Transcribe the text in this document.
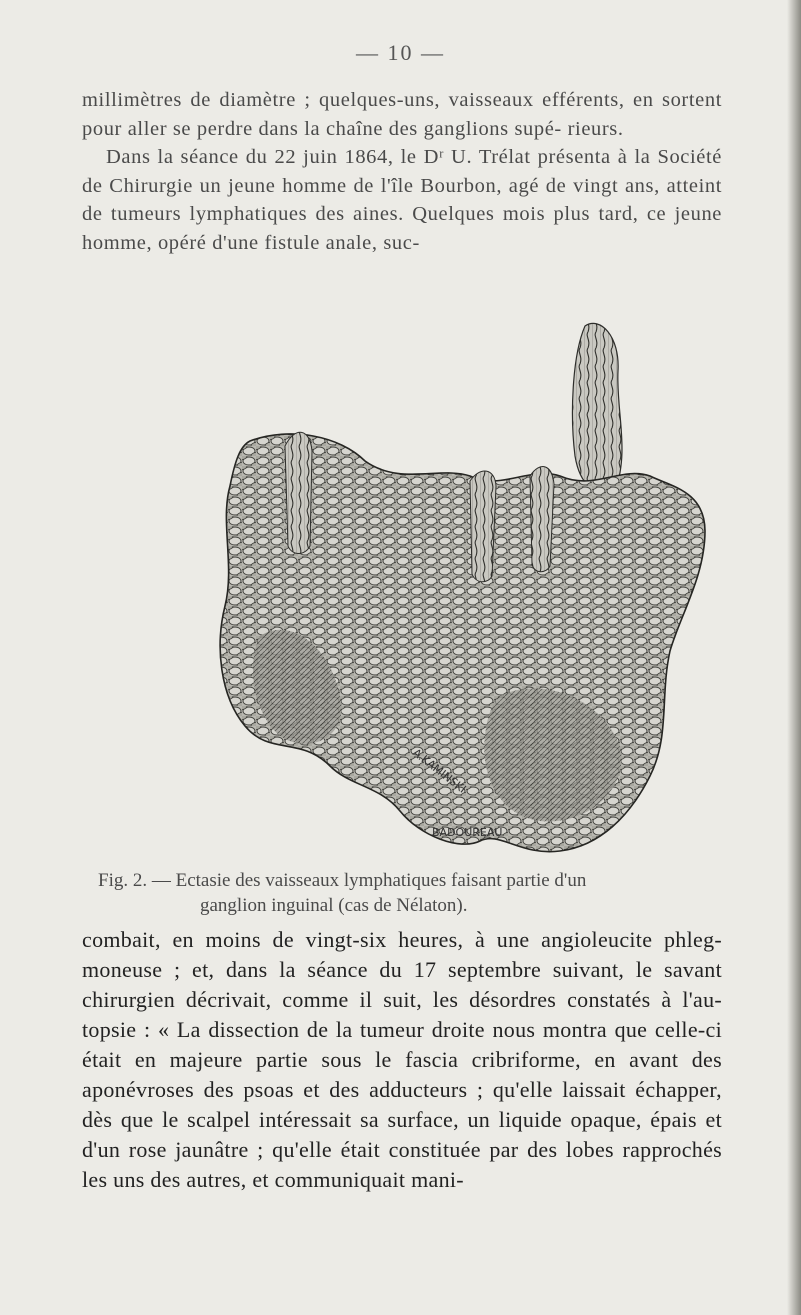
— 10 —
millimètres de diamètre ; quelques-uns, vaisseaux efférents, en sortent pour aller se perdre dans la chaîne des ganglions supé- rieurs.
Dans la séance du 22 juin 1864, le Dʳ U. Trélat présenta à la Société de Chirurgie un jeune homme de l'île Bourbon, agé de vingt ans, atteint de tumeurs lymphatiques des aines. Quelques mois plus tard, ce jeune homme, opéré d'une fistule anale, suc-
A.KAMINSKI
BADOUREAU
Fig. 2. — Ectasie des vaisseaux lymphatiques faisant partie d'un
ganglion inguinal (cas de Nélaton).
combait, en moins de vingt-six heures, à une angioleucite phleg- moneuse ; et, dans la séance du 17 septembre suivant, le savant chirurgien décrivait, comme il suit, les désordres constatés à l'au- topsie : « La dissection de la tumeur droite nous montra que celle-ci était en majeure partie sous le fascia cribriforme, en avant des aponévroses des psoas et des adducteurs ; qu'elle laissait échapper, dès que le scalpel intéressait sa surface, un liquide opaque, épais et d'un rose jaunâtre ; qu'elle était constituée par des lobes rapprochés les uns des autres, et communiquait mani-
